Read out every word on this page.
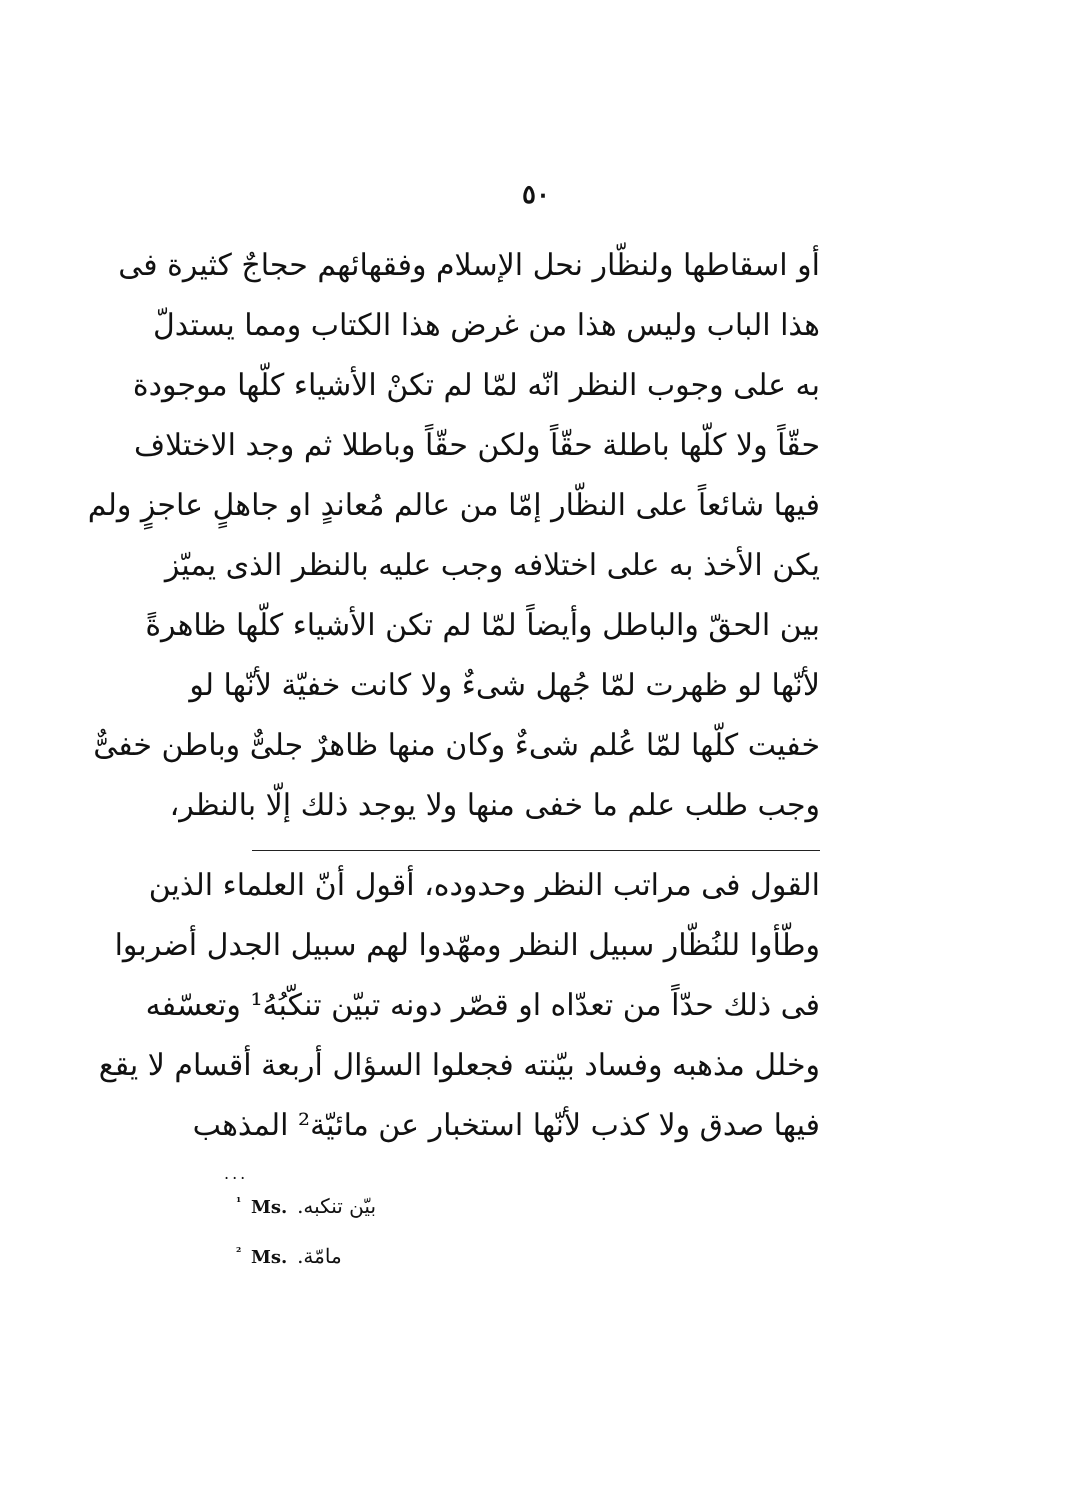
٥٠
أو اسقاطها ولنظّار نحل الإسلام وفقهائهم حجاجٌ كثيرة فى
هذا الباب وليس هذا من غرض هذا الكتاب ومما يستدلّ
به على وجوب النظر انّه لمّا لم تكنْ الأشياء كلّها موجودة
حقّاً ولا كلّها باطلة حقّاً ولكن حقّاً وباطلا ثم وجد الاختلاف
فيها شائعاً على النظّار إمّا من عالم مُعاندٍ او جاهلٍ عاجزٍ ولم
يكن الأخذ به على اختلافه وجب عليه بالنظر الذى يميّز
بين الحقّ والباطل وأيضاً لمّا لم تكن الأشياء كلّها ظاهرةً
لأنّها لو ظهرت لمّا جُهل شىءٌ ولا كانت خفيّة لأنّها لو
خفيت كلّها لمّا عُلم شىءٌ وكان منها ظاهرٌ جلىٌّ وباطن خفىٌّ
وجب طلب علم ما خفى منها ولا يوجد ذلك إلّا بالنظر،
القول فى مراتب النظر وحدوده، أقول أنّ العلماء الذين
وطّأوا للنُظّار سبيل النظر ومهّدوا لهم سبيل الجدل أضربوا
فى ذلك حدّاً من تعدّاه او قصّر دونه تبيّن تنكّبُهُ¹ وتعسّفه
وخلل مذهبه وفساد بيّنته فجعلوا السؤال أربعة أقسام لا يقع
فيها صدق ولا كذب لأنّها استخبار عن مائيّة² المذهب
...
$^{^1}$ Ms. بيّن تنكبه.
$^{^2}$ Ms. مامّة.
